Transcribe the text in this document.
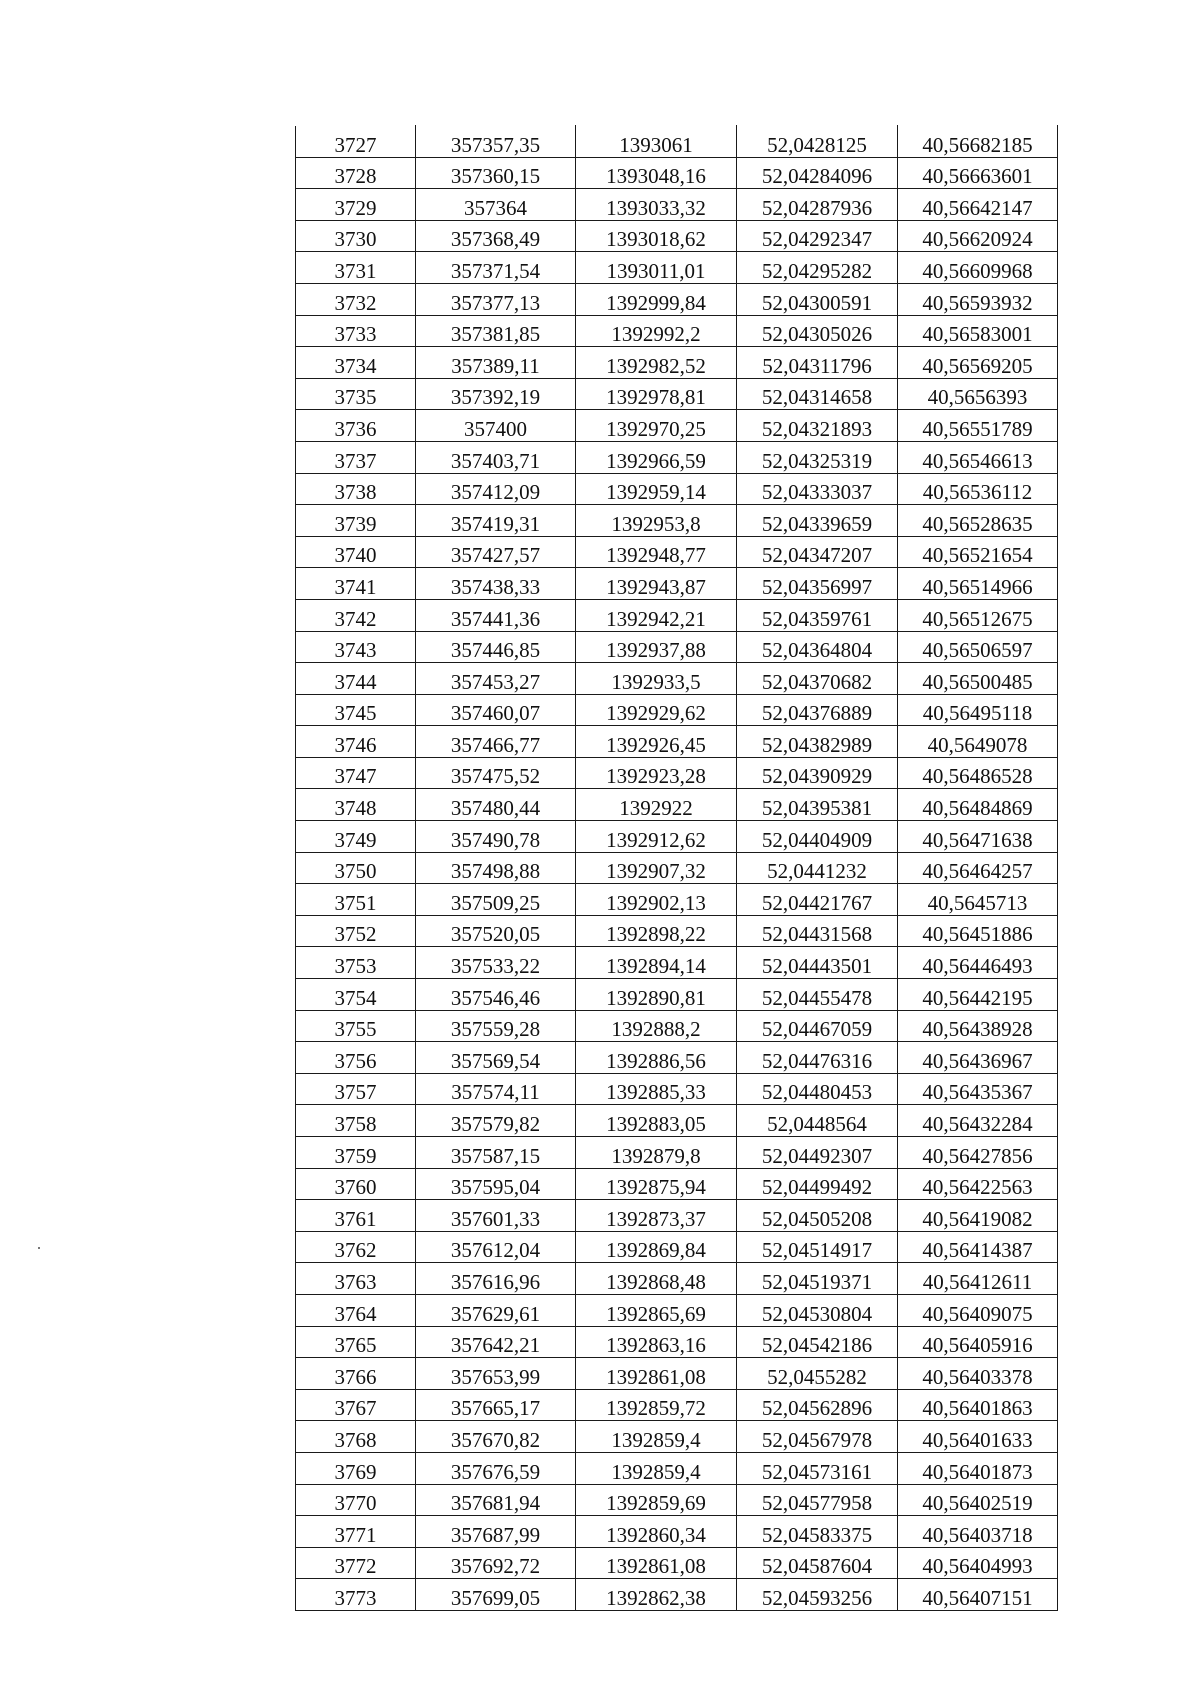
3727	357357,35	1393061	52,0428125	40,56682185
3728	357360,15	1393048,16	52,04284096	40,56663601
3729	357364	1393033,32	52,04287936	40,56642147
3730	357368,49	1393018,62	52,04292347	40,56620924
3731	357371,54	1393011,01	52,04295282	40,56609968
3732	357377,13	1392999,84	52,04300591	40,56593932
3733	357381,85	1392992,2	52,04305026	40,56583001
3734	357389,11	1392982,52	52,04311796	40,56569205
3735	357392,19	1392978,81	52,04314658	40,5656393
3736	357400	1392970,25	52,04321893	40,56551789
3737	357403,71	1392966,59	52,04325319	40,56546613
3738	357412,09	1392959,14	52,04333037	40,56536112
3739	357419,31	1392953,8	52,04339659	40,56528635
3740	357427,57	1392948,77	52,04347207	40,56521654
3741	357438,33	1392943,87	52,04356997	40,56514966
3742	357441,36	1392942,21	52,04359761	40,56512675
3743	357446,85	1392937,88	52,04364804	40,56506597
3744	357453,27	1392933,5	52,04370682	40,56500485
3745	357460,07	1392929,62	52,04376889	40,56495118
3746	357466,77	1392926,45	52,04382989	40,5649078
3747	357475,52	1392923,28	52,04390929	40,56486528
3748	357480,44	1392922	52,04395381	40,56484869
3749	357490,78	1392912,62	52,04404909	40,56471638
3750	357498,88	1392907,32	52,0441232	40,56464257
3751	357509,25	1392902,13	52,04421767	40,5645713
3752	357520,05	1392898,22	52,04431568	40,56451886
3753	357533,22	1392894,14	52,04443501	40,56446493
3754	357546,46	1392890,81	52,04455478	40,56442195
3755	357559,28	1392888,2	52,04467059	40,56438928
3756	357569,54	1392886,56	52,04476316	40,56436967
3757	357574,11	1392885,33	52,04480453	40,56435367
3758	357579,82	1392883,05	52,0448564	40,56432284
3759	357587,15	1392879,8	52,04492307	40,56427856
3760	357595,04	1392875,94	52,04499492	40,56422563
3761	357601,33	1392873,37	52,04505208	40,56419082
3762	357612,04	1392869,84	52,04514917	40,56414387
3763	357616,96	1392868,48	52,04519371	40,56412611
3764	357629,61	1392865,69	52,04530804	40,56409075
3765	357642,21	1392863,16	52,04542186	40,56405916
3766	357653,99	1392861,08	52,0455282	40,56403378
3767	357665,17	1392859,72	52,04562896	40,56401863
3768	357670,82	1392859,4	52,04567978	40,56401633
3769	357676,59	1392859,4	52,04573161	40,56401873
3770	357681,94	1392859,69	52,04577958	40,56402519
3771	357687,99	1392860,34	52,04583375	40,56403718
3772	357692,72	1392861,08	52,04587604	40,56404993
3773	357699,05	1392862,38	52,04593256	40,56407151
